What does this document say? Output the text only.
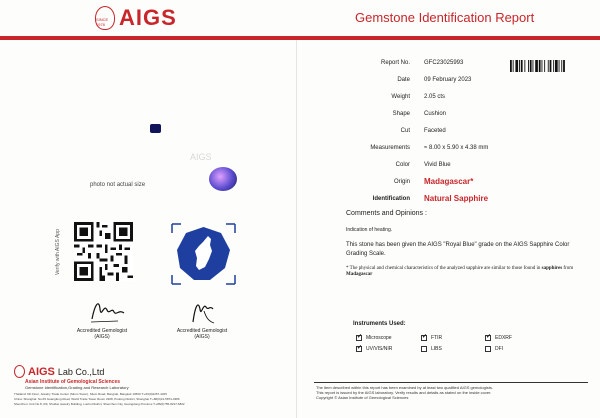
SINCE 1978 AIGS	Gemstone Identification Report
AIGS
photo not actual size
Verify with AIGS App
Accredited Gemologist
(AIGS)
Accredited Gemologist
(AIGS)
AIGS Lab Co.,Ltd
Asian Institute of Gemological Sciences
Gemstone Identification,Grading and Research Laboratory
Thailand: 6th Floor, Jewelry Trade Center (Silom Tower), Silom Road, Bangrak, Bangkok 10500 T:+66(0)2267-4325
China: Shanghai: No.69 Guangfeng Road, World Trade Tower Room 2208, Pudong District, Shanghai T:+86(0)21-5874-3386
Shenzhen: Unit No.8, 6/F, Shuibei Jewelry Building, Luohu District, Shenzhen City, Guangdong Province T:+86(0)755-8227-6822
Report No. GFC23025993
Date 09 February 2023
Weight 2.05 cts
Shape Cushion
Cut Faceted
Measurements ≈ 8.00 x 5.90 x 4.38 mm
Color Vivid Blue
Origin Madagascar*
Identification Natural Sapphire
Comments and Opinions :
Indication of heating.
This stone has been given the AIGS "Royal Blue" grade on the AIGS Sapphire Color Grading Scale.
* The physical and chemical characteristics of the analyzed sapphire are similar to those found in sapphires from Madagascar
Instruments Used:
✓
Microscope ✓	FTIR ✓	EDXRF
✓
UV/VIS/NIR	LIBS	DFI
The item described within this report has been examined by at least two qualified AIGS gemologists.
This report is issued by the AIGS laboratory. Verify results and details as stated on the inside cover.
Copyright © Asian Institute of Gemological Sciences
